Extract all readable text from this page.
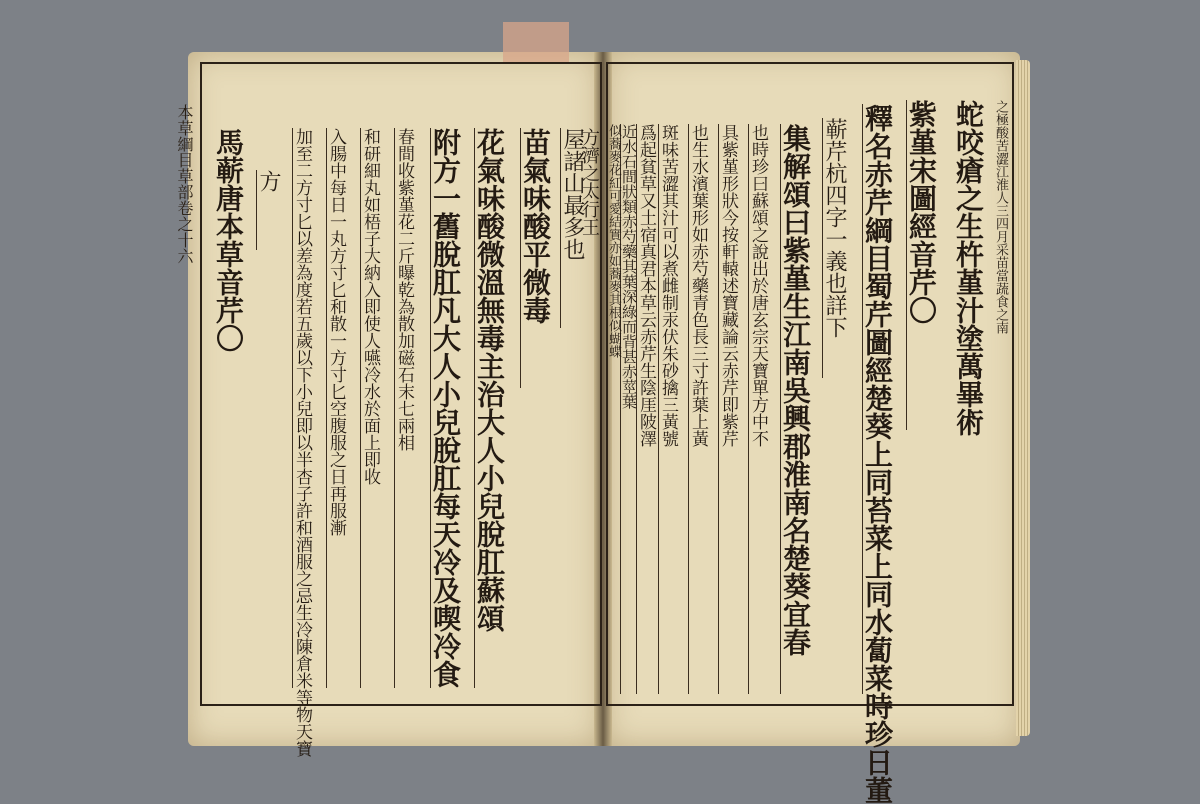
本草綱目草部卷之十六 馬蕲唐本草音芹〇 方 加至二方寸匕以差為度若五歲以下小兒即以半杏子許和酒服之忌生冷陳倉米等物天寶 入腸中每日一丸方寸匕和散一方寸匕空腹服之日再服漸 和研細丸如梧子大納入即使人嚥冷水於面上即收 春間收紫堇花二斤曝乾為散加磁石末七兩相 附方一舊脫肛凡大人小兒脫肛每天冷及喫冷食 花氣味酸微溫無毒主治大人小兒脫肛蘇頌 苗氣味酸平微毒 屋諸山最多也
方濟之太行王	蛇咬瘡之生杵堇汁塗萬畢術
紫堇宋圖經音芹〇
釋名赤芹綱目蜀芹圖經楚葵上同苔菜上同水蔔菜時珍日董
蕲芹杭四字一義也詳下
集解頌曰紫堇生江南吳興郡淮南名楚葵宜春
也時珍曰蘇頌之說出於唐玄宗天寶單方中不
具紫堇形狀今按軒轅述寶藏論云赤芹即紫芹
也生水濱葉形如赤芍藥青色長三寸許葉上黃
斑味苦澀其汁可以煮雌制汞伏朱砂擒三黃號
爲起貧草又土宿真君本草云赤芹生陰厓陂澤
近水石間狀類赤芍藥其葉深綠而背甚赤莖葉
似蕎麥花紅可愛結實亦如蕎麥其根似蝴蝶	之極酸苦澀江淮人三四月采苗當蔬食之南
